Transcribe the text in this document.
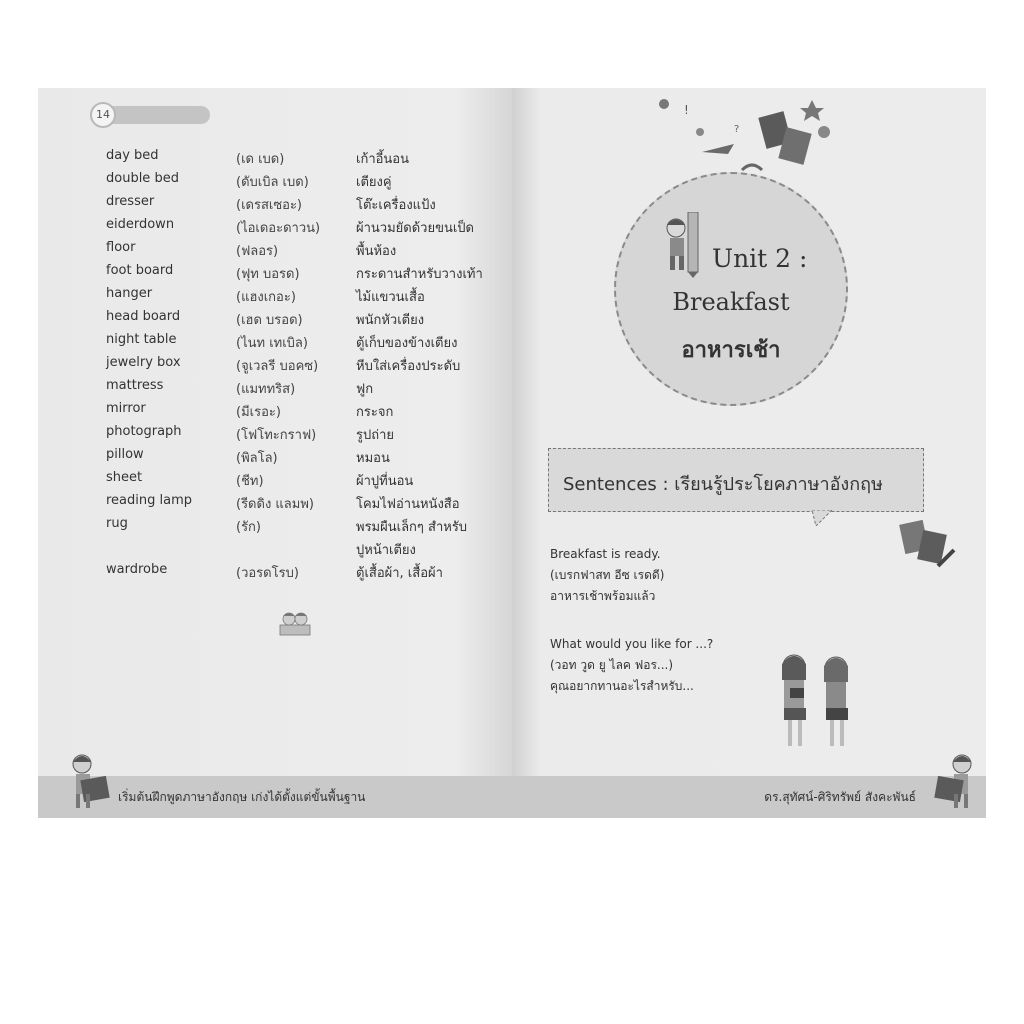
14
day bed	(เด เบด)	เก้าอี้นอน
double bed	(ดับเบิล เบด)	เตียงคู่
dresser	(เดรสเซอะ)	โต๊ะเครื่องแป้ง
eiderdown	(ไอเดอะดาวน)	ผ้านวมยัดด้วยขนเป็ด
floor	(ฟลอร)	พื้นห้อง
foot board	(ฟุท บอรด)	กระดานสำหรับวางเท้า
hanger	(แฮงเกอะ)	ไม้แขวนเสื้อ
head board	(เฮด บรอด)	พนักหัวเตียง
night table	(ไนท เทเบิล)	ตู้เก็บของข้างเตียง
jewelry box	(จูเวลรี บอคซ)	หีบใส่เครื่องประดับ
mattress	(แมททริส)	ฟูก
mirror	(มีเรอะ)	กระจก
photograph	(โฟโทะกราฟ)	รูปถ่าย
pillow	(พิลโล)	หมอน
sheet	(ชีท)	ผ้าปูที่นอน
reading lamp	(รีดดิง แลมพ)	โคมไฟอ่านหนังสือ
rug	(รัก)	พรมผืนเล็กๆ สำหรับ
ปูหน้าเตียง
wardrobe	(วอรดโรบ)	ตู้เสื้อผ้า, เสื้อผ้า
เริ่มต้นฝึกพูดภาษาอังกฤษ เก่งได้ตั้งแต่ขั้นพื้นฐาน
!
?
Unit 2 :
Breakfast
อาหารเช้า
Sentences : เรียนรู้ประโยคภาษาอังกฤษ
Breakfast is ready.
(เบรกฟาสท อีซ เรดดี)
อาหารเช้าพร้อมแล้ว
What would you like for ...?
(วอท วูด ยู ไลค ฟอร...)
คุณอยากทานอะไรสำหรับ...
ดร.สุทัศน์-ศิริทรัพย์ สังคะพันธ์
